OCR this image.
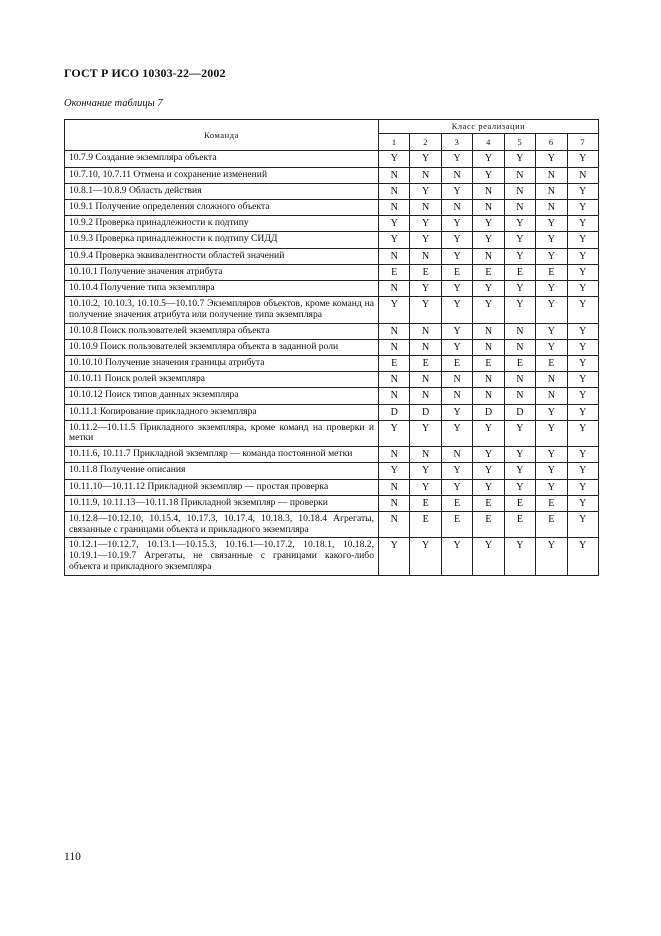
ГОСТ Р ИСО 10303-22—2002
Окончание таблицы 7
Команда	Класс реализации						
	1	2	3	4	5	6	7
10.7.9 Создание экземпляра объекта	Y	Y	Y	Y	Y	Y	Y
10.7.10, 10.7.11 Отмена и сохранение изменений	N	N	N	Y	N	N	N
10.8.1—10.8.9 Область действия	N	Y	Y	N	N	N	Y
10.9.1 Получение определения сложного объекта	N	N	N	N	N	N	Y
10.9.2 Проверка принадлежности к подтипу	Y	Y	Y	Y	Y	Y	Y
10.9.3 Проверка принадлежности к подтипу СИДД	Y	Y	Y	Y	Y	Y	Y
10.9.4 Проверка эквивалентности областей значений	N	N	Y	N	Y	Y	Y
10.10.1 Получение значения атрибута	E	E	E	E	E	E	Y
10.10.4 Получение типа экземпляра	N	Y	Y	Y	Y	Y	Y
10.10.2, 10.10.3, 10.10.5—10.10.7 Экземпляров объектов, кроме команд на получение значения атрибута или получение типа экземпляра	Y	Y	Y	Y	Y	Y	Y
10.10.8 Поиск пользователей экземпляра объекта	N	N	Y	N	N	Y	Y
10.10.9 Поиск пользователей экземпляра объекта в заданной роли	N	N	Y	N	N	Y	Y
10.10.10 Получение значения границы атрибута	E	E	E	E	E	E	Y
10.10.11 Поиск ролей экземпляра	N	N	N	N	N	N	Y
10.10.12 Поиск типов данных экземпляра	N	N	N	N	N	N	Y
10.11.1 Копирование прикладного экземпляра	D	D	Y	D	D	Y	Y
10.11.2—10.11.5 Прикладного экземпляра, кроме команд на проверки и метки	Y	Y	Y	Y	Y	Y	Y
10.11.6, 10.11.7 Прикладной экземпляр — команда постоянной метки	N	N	N	Y	Y	Y	Y
10.11.8 Получение описания	Y	Y	Y	Y	Y	Y	Y
10.11.10—10.11.12 Прикладной экземпляр — простая проверка	N	Y	Y	Y	Y	Y	Y
10.11.9, 10.11.13—10.11.18 Прикладной экземпляр — проверки	N	E	E	E	E	E	Y
10.12.8—10.12.10, 10.15.4, 10.17.3, 10.17.4, 10.18.3, 10.18.4 Агрегаты, связанные с границами объекта и прикладного экземпляра	N	E	E	E	E	E	Y
10.12.1—10.12.7, 10.13.1—10.15.3, 10.16.1—10.17.2, 10.18.1, 10.18.2, 10.19.1—10.19.7 Агрегаты, не связанные с границами какого-либо объекта и прикладного экземпляра	Y	Y	Y	Y	Y	Y	Y
110
